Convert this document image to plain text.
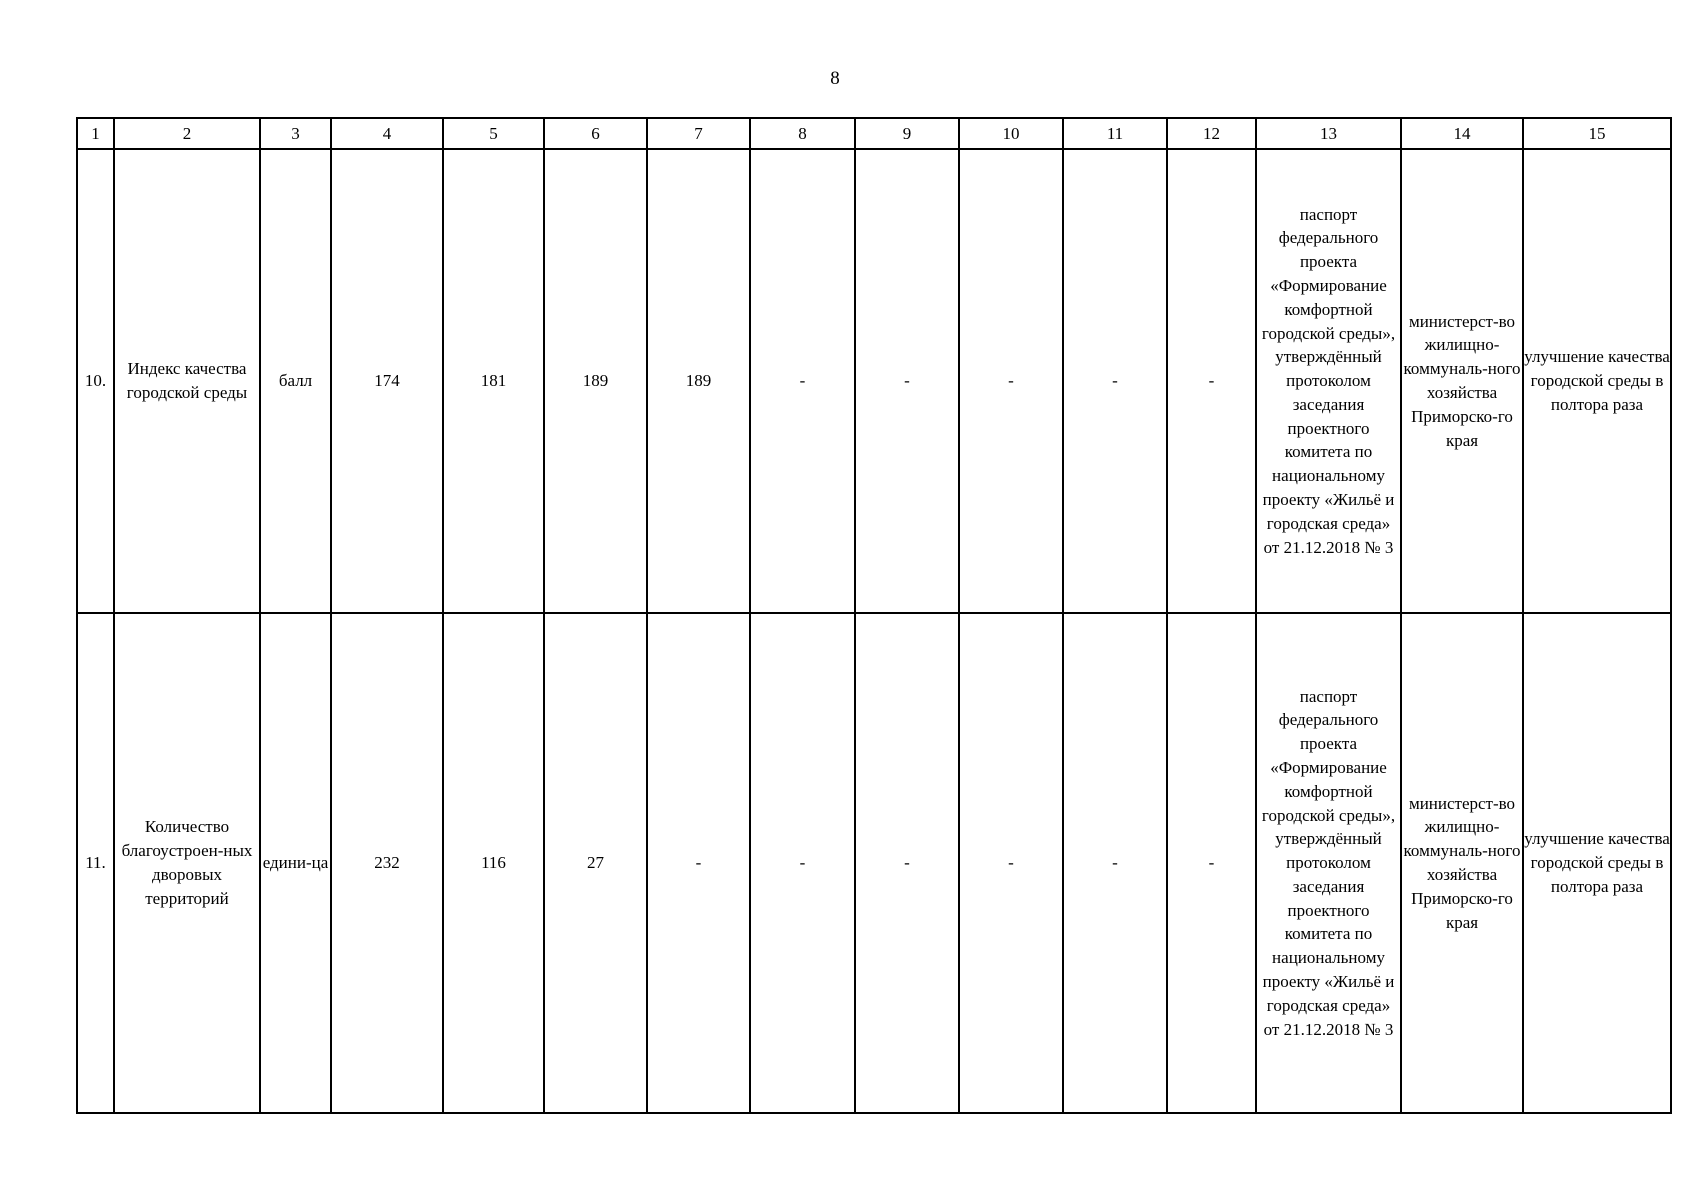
8
1	2	3	4	5	6	7	8	9	10	11	12	13	14	15
10.	Индекс качества городской среды	балл	174	181	189	189	-	-	-	-	-	паспорт федерального проекта «Формирование комфортной городской среды», утверждённый протоколом заседания проектного комитета по национальному проекту «Жильё и городская среда» от 21.12.2018 № 3	министерст-во жилищно-коммуналь-ного хозяйства Приморско-го края	улучшение качества городской среды в полтора раза
11.	Количество благоустроен-ных дворовых территорий	едини-ца	232	116	27	-	-	-	-	-	-	паспорт федерального проекта «Формирование комфортной городской среды», утверждённый протоколом заседания проектного комитета по национальному проекту «Жильё и городская среда» от 21.12.2018 № 3	министерст-во жилищно-коммуналь-ного хозяйства Приморско-го края	улучшение качества городской среды в полтора раза
